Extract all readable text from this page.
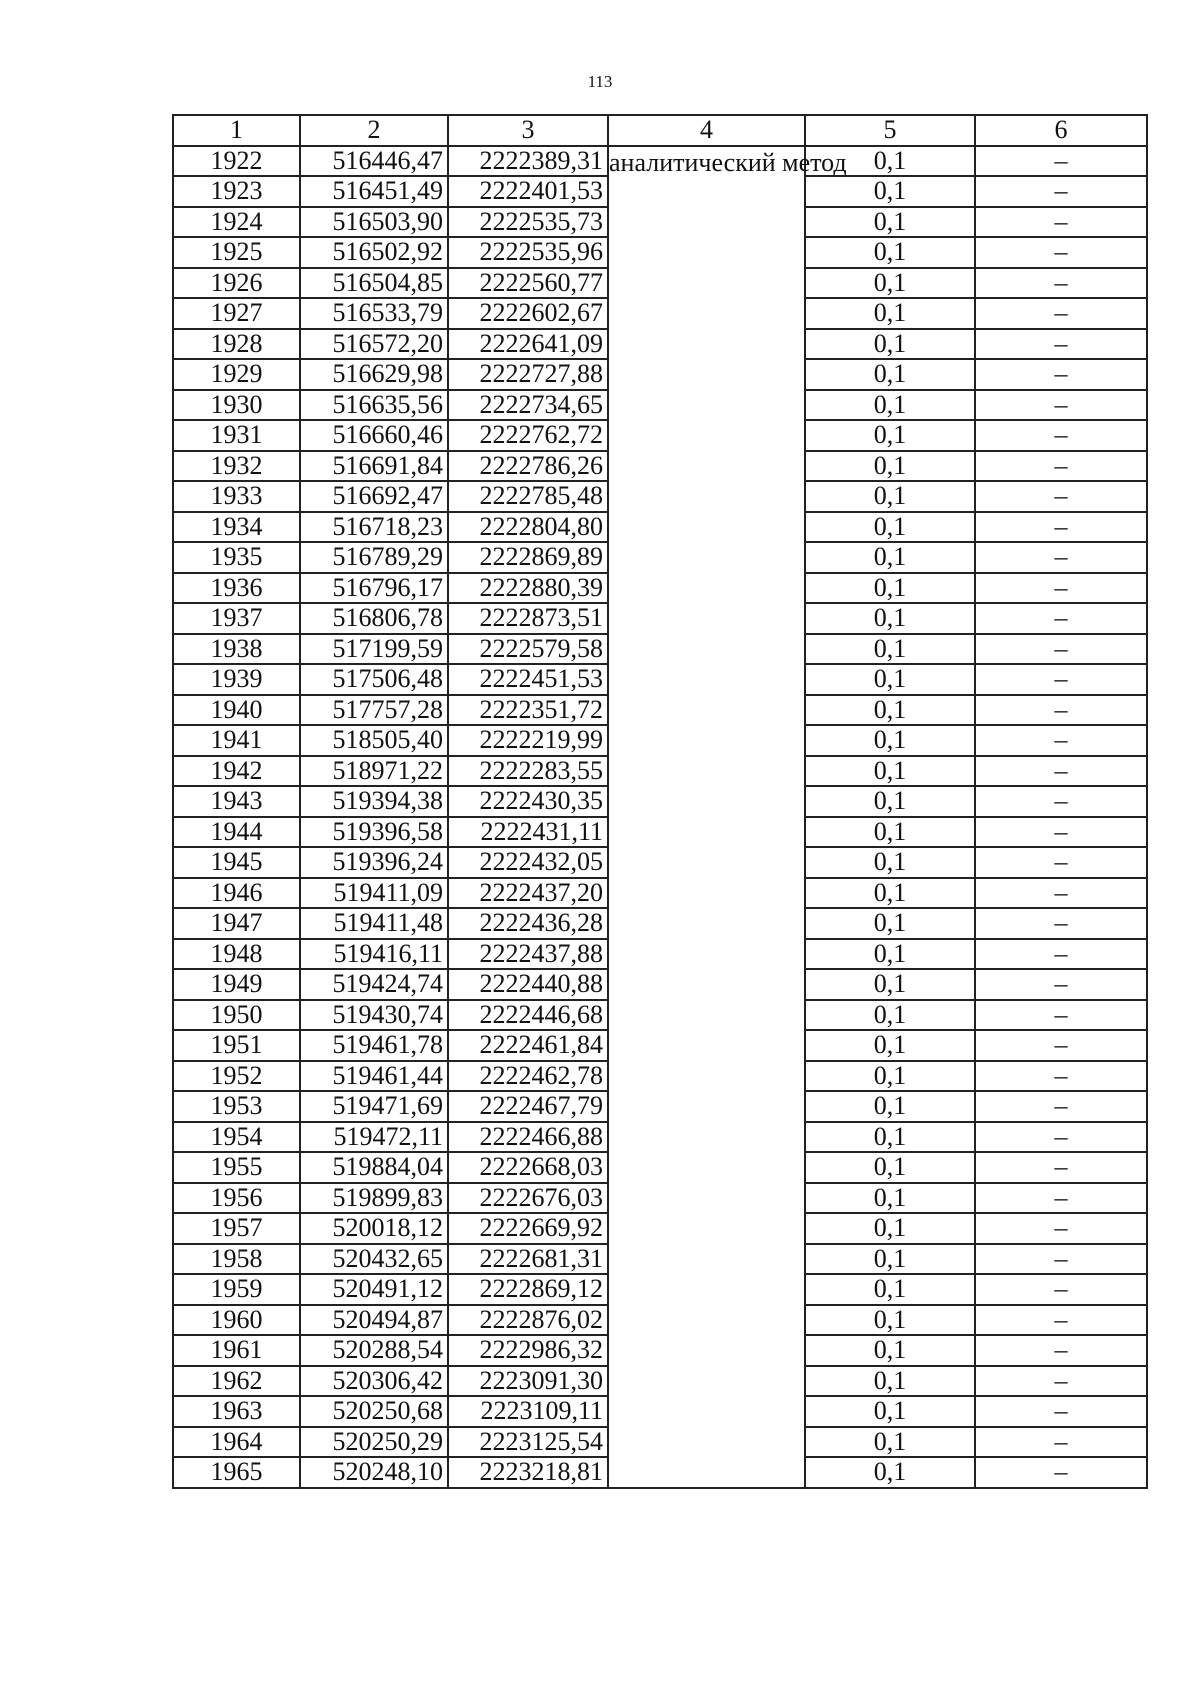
113
1	2	3	4	5	6
1922	516446,47	2222389,31	аналитический метод	0,1	–
1923	516451,49	2222401,53		0,1	–
1924	516503,90	2222535,73		0,1	–
1925	516502,92	2222535,96		0,1	–
1926	516504,85	2222560,77		0,1	–
1927	516533,79	2222602,67		0,1	–
1928	516572,20	2222641,09		0,1	–
1929	516629,98	2222727,88		0,1	–
1930	516635,56	2222734,65		0,1	–
1931	516660,46	2222762,72		0,1	–
1932	516691,84	2222786,26		0,1	–
1933	516692,47	2222785,48		0,1	–
1934	516718,23	2222804,80		0,1	–
1935	516789,29	2222869,89		0,1	–
1936	516796,17	2222880,39		0,1	–
1937	516806,78	2222873,51		0,1	–
1938	517199,59	2222579,58		0,1	–
1939	517506,48	2222451,53		0,1	–
1940	517757,28	2222351,72		0,1	–
1941	518505,40	2222219,99		0,1	–
1942	518971,22	2222283,55		0,1	–
1943	519394,38	2222430,35		0,1	–
1944	519396,58	2222431,11		0,1	–
1945	519396,24	2222432,05		0,1	–
1946	519411,09	2222437,20		0,1	–
1947	519411,48	2222436,28		0,1	–
1948	519416,11	2222437,88		0,1	–
1949	519424,74	2222440,88		0,1	–
1950	519430,74	2222446,68		0,1	–
1951	519461,78	2222461,84		0,1	–
1952	519461,44	2222462,78		0,1	–
1953	519471,69	2222467,79		0,1	–
1954	519472,11	2222466,88		0,1	–
1955	519884,04	2222668,03		0,1	–
1956	519899,83	2222676,03		0,1	–
1957	520018,12	2222669,92		0,1	–
1958	520432,65	2222681,31		0,1	–
1959	520491,12	2222869,12		0,1	–
1960	520494,87	2222876,02		0,1	–
1961	520288,54	2222986,32		0,1	–
1962	520306,42	2223091,30		0,1	–
1963	520250,68	2223109,11		0,1	–
1964	520250,29	2223125,54		0,1	–
1965	520248,10	2223218,81		0,1	–
